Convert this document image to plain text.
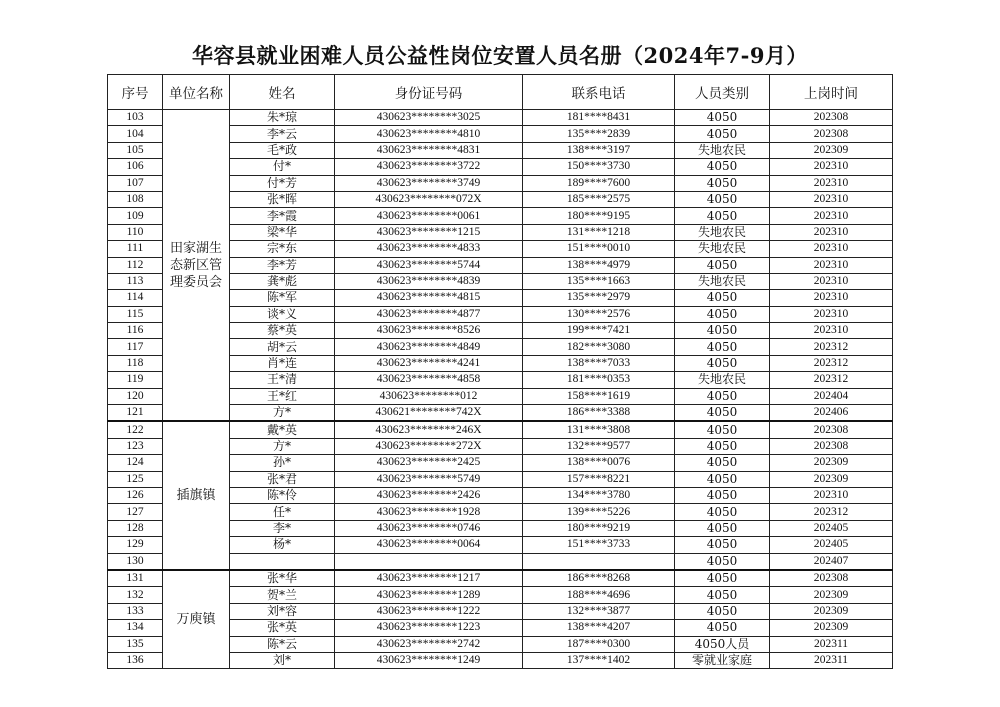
华容县就业困难人员公益性岗位安置人员名册（2024年7-9月）
序号	单位名称	姓名	身份证号码	联系电话	人员类别	上岗时间
103	田家湖生态新区管理委员会	朱*琼	430623********3025	181****8431	4050	202308
104		李*云	430623********4810	135****2839	4050	202308
105		毛*政	430623********4831	138****3197	失地农民	202309
106		付*	430623********3722	150****3730	4050	202310
107		付*芳	430623********3749	189****7600	4050	202310
108		张*晖	430623********072X	185****2575	4050	202310
109		李*霞	430623********0061	180****9195	4050	202310
110		梁*华	430623********1215	131****1218	失地农民	202310
111		宗*东	430623********4833	151****0010	失地农民	202310
112		李*芳	430623********5744	138****4979	4050	202310
113		龚*彪	430623********4839	135****1663	失地农民	202310
114		陈*军	430623********4815	135****2979	4050	202310
115		谈*义	430623********4877	130****2576	4050	202310
116		蔡*英	430623********8526	199****7421	4050	202310
117		胡*云	430623********4849	182****3080	4050	202312
118		肖*连	430623********4241	138****7033	4050	202312
119		王*清	430623********4858	181****0353	失地农民	202312
120		王*红	430623********012	158****1619	4050	202404
121		方*	430621********742X	186****3388	4050	202406
122	插旗镇	戴*英	430623********246X	131****3808	4050	202308
123		方*	430623********272X	132****9577	4050	202308
124		孙*	430623********2425	138****0076	4050	202309
125		张*君	430623********5749	157****8221	4050	202309
126		陈*伶	430623********2426	134****3780	4050	202310
127		任*	430623********1928	139****5226	4050	202312
128		李*	430623********0746	180****9219	4050	202405
129		杨*	430623********0064	151****3733	4050	202405
130					4050	202407
131	万庾镇	张*华	430623********1217	186****8268	4050	202308
132		贺*兰	430623********1289	188****4696	4050	202309
133		刘*容	430623********1222	132****3877	4050	202309
134		张*英	430623********1223	138****4207	4050	202309
135		陈*云	430623********2742	187****0300	4050人员	202311
136		刘*	430623********1249	137****1402	零就业家庭	202311
